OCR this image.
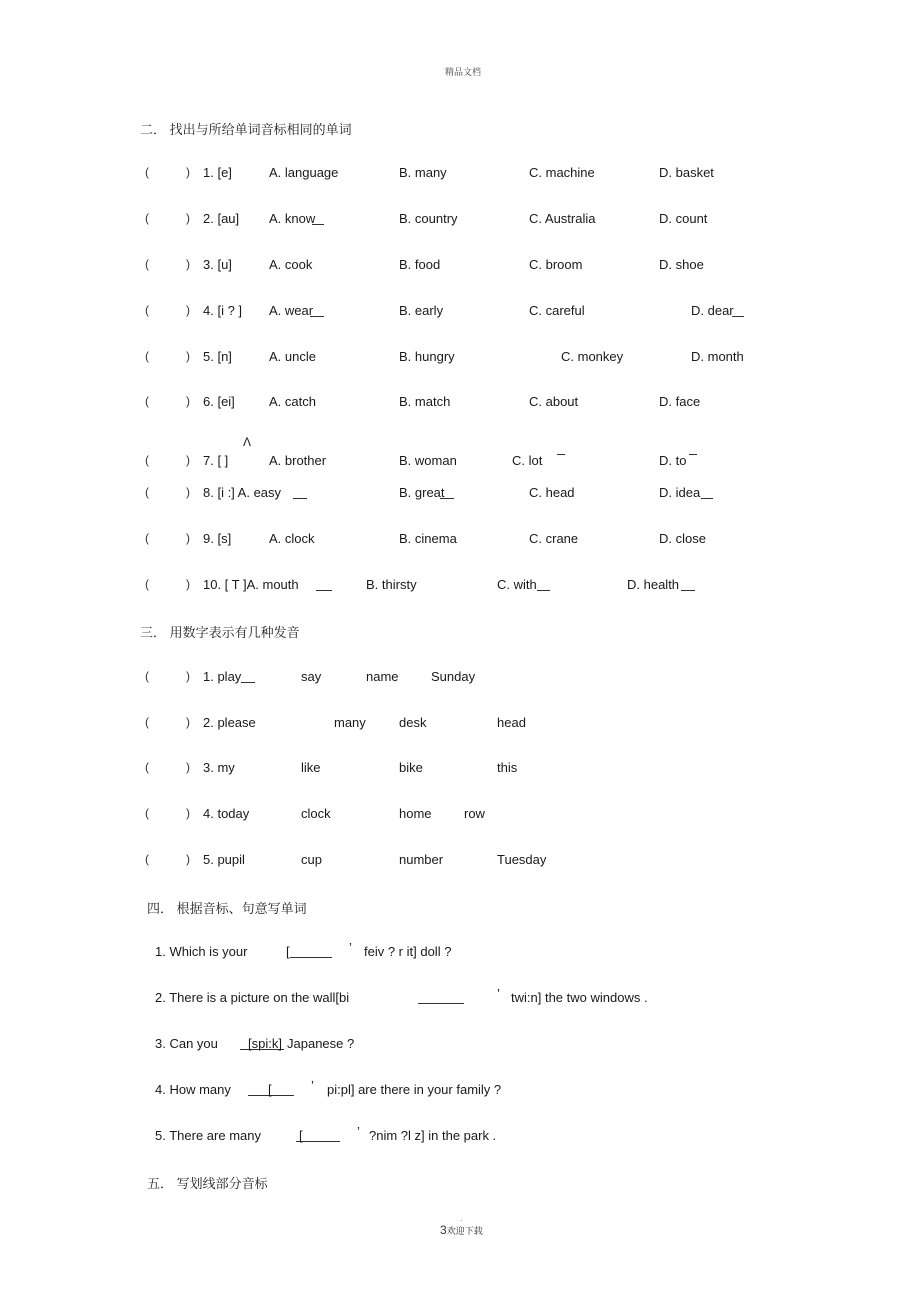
精品文档
二． 找出与所给单词音标相同的单词
(	) 1. [e]	A. language	B. many	C. machine	D. basket
(	) 2. [au] A. know	B. country	C. Australia	D. count
(	) 3. [u]	A. cook	B. food	C. broom	D. shoe
(	) 4. [i ? ] A. wear	B. early	C. careful	D. dear
(	) 5. [n]	A. uncle	B. hungry	C. monkey	D. month
(	) 6. [ei]	A. catch	B. match	C. about	D. face
Λ
(	) 7. [ ]	A. brother	B. woman	C. lot	D. to
(	) 8. [i :] A. easy	B. great	C. head	D. idea
(	) 9. [s]	A. clock	B. cinema	C. crane	D. close
(	) 10. [ T ]A. mouth	B. thirsty	C. with	D. health
三． 用数字表示有几种发音
(	) 1. play	say	name Sunday
(	) 2. please	many	desk	head
(	) 3. my	like	bike	this
(	) 4. today	clock	home row
(	) 5. pupil	cup	number	Tuesday
四． 根据音标、句意写单词
1. Which is your	[	’ feiv ? r it] doll ?
2. There is a picture on the wall[bi	’ twi:n] the two windows .
3. Can you [spi:k] Japanese ?
4. How many	[	’ pi:pl] are there in your family ?
5. There are many	[	’ ?nim ?l z] in the park .
五． 写划线部分音标
.
3欢迎下载
